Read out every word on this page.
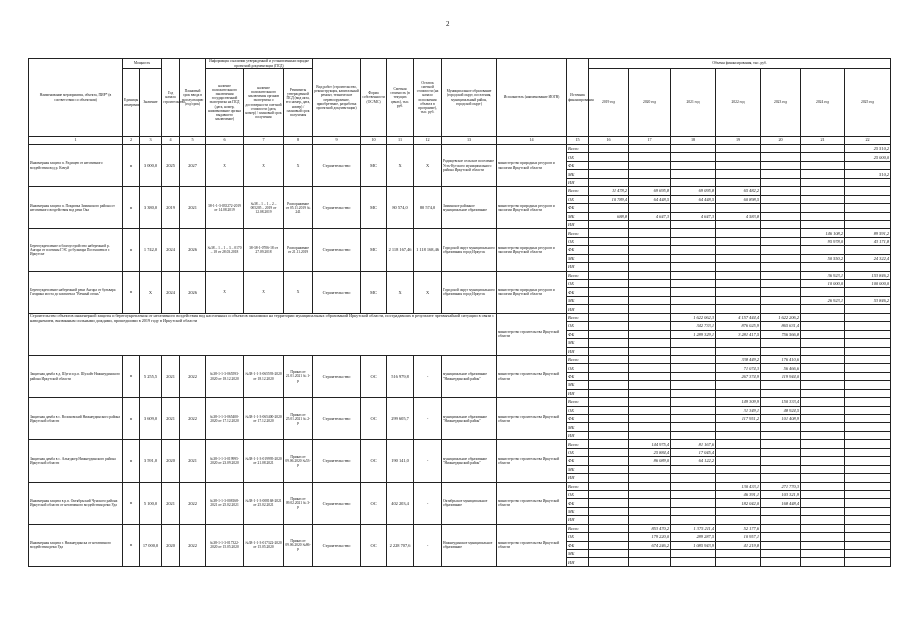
2
Наименование мероприятия, объекта, ПИР* (в соответствии со объектами)	Мощность		Год начала строительства	Плановый срок ввода в эксплуатацию (год/срок)	Информация о наличии утвержденной и установленным порядке проектной документации (ПСД)			Вид работ (строительство, реконструкция, капитальный ремонт, техническое перевооружение, приобретение, разработка проектной документации)	Форма собственности (ОС/МС)	Сметная стоимость (в текущих ценах), тыс. руб.	Остаток сметной стоимости (на начало исполнения объекта в программе), тыс. руб.	Муниципальное образование (городской округ, поселения, муниципальный район, городской округ)	Исполнитель (наименование ИОГВ)	Источник финансирования	Объемы финансирования, тыс. руб.						
	Единицы измерения	Значение			наличие положительного заключения государственной экспертизы на ПСД (дата, номер, наименование органа выдавшего заключение)	наличие положительного заключения органов экспертизы о достоверности сметной стоимости (дата, номер) / плановый срок получения	Реквизиты утвержденной ПСД (вид акта, его номер, дата, номер) / плановый срок получения								2019 год	2020 год	2021 год	2022 год	2023 год	2024 год	2025 год

1	2	3	4	5	6	7	8	9	10	11	12	13	14	15	16	17	18	19	20	21	22
Инженерная защита п. Радищев от негативного воздействия вод р. Кичуй	м	3 000,0	2025	2027	Х	Х	Х	Строительство	МС	Х	Х	Радищевское сельское поселение Усть-Кутского муниципального района Иркутской области	министерство природных ресурсов и экологии Иркутской области	Всего							25 510,2
														ОБ							25 000,0
														ФБ							
														МБ							510,2
														ИИ							
Инженерная защита п. Покровка Зиминского района от негативного воздействия вод реки Ока	м	3 380,0	2019	2021	38-1-1-3-035272-2019 от 14.08.2019	№38 – 1 – 1 – 2 – 005205 – 2019 от 12.08.2019	Распоряжение от 05.11.2019 № 241	Строительство	МС	80 574,0	80 574,0	Зиминское районное муниципальное образование	министерство природных ресурсов и экологии Иркутской области	Всего	11 478,2	69 695,8	69 095,8	65 482,2			
														ОБ	10 789,4	64 448,5	64 448,5	60 898,5			
														ФБ							
														МБ	688,8	4 647,3	4 647,3	4 583,8			
														ИИ							
Берегоукрепление и благоустройство набережной р. Ангара от плотины ГЭС до бульвара Постышева в г. Иркутске	м	1 742,0	2024	2026	№38 – 1 – 1 – 3 – 0170 – 18 от 28.03.2018	38-38-1-0706-18 от 27.09.2018	Распоряжение от 21.11.2019	Строительство	МС	2 118 167,46	1 118 168,46	Городской округ муниципального образования город Иркутск	министерство природных ресурсов и экологии Иркутской области	Всего						146 108,2	89 591,2
														ОБ						95 978,0	43 171,8
														ФБ							
														МБ						50 550,2	24 322,4
														ИИ							
Берегоукрепление набережной реки Ангара от бульвара Гагарина моста до комплекса "Вечный огонь"	м	Х	2024	2026	Х	Х	Х	Строительство	МС	Х	Х	Городской округ муниципального образования город Иркутск	министерство природных ресурсов и экологии Иркутской области	Всего						36 923,1	153 846,2
														ОБ						10 000,0	100 000,0
														ФБ							
														МБ						26 923,1	53 846,2
														ИИ							
Строительство объектов инженерной защиты и берегоукрепления от негативного воздействия вод населенных и объектов экономики на территории муниципальных образований Иркутской области, пострадавших в результате чрезвычайной ситуации в связи с наводнением, вызванным сильными дождями, прошедшими в 2019 году в Иркутской области													министерство строительства Иркутской области	Всего			1 622 062,3	4 157 444,4	1 622 206,2		
														ОБ			342 733,1	876 025,9	865 631,4		
														ФБ			1 289 329,1	3 281 417,5	756 566,8		
														МБ							
														ИИ							
Защитная дамба в д. Шуги и р.п. Шухайт Нижнеудинского района Иркутской области	м	5 255,5	2021	2022	№38-1-1-3-065593-2020 от 18.12.2020	№38-1-1-3-065593-2020 от 18.12.2020	Приказ от 21.01.2021 № 1-р	Строительство	ОС	516 979,8	-	муниципальное образование "Нижнеудинский район"	министерство строительства Иркутской области	Всего				338 449,2	176 410,6		
														ОБ				71 074,3	56 466,6		
														ФБ				267 374,9	119 944,0		
														МБ							
														ИИ							
Защитная дамба в с. Волоковский Нижнеудинского района Иркутской области	м	3 609,0	2021	2022	№38-1-1-3-065400-2020 от 17.12.2020	№38-1-1-3-065400-2020 от 17.12.2020	Приказ от 25.01.2021 № 2-р	Строительство	ОС	299 605,7	-	муниципальное образование "Нижнеудинский район"	министерство строительства Иркутской области	Всего				149 309,9	150 333,4		
														ОБ				31 349,1	48 924,5		
														ФБ				117 951,2	101 408,9		
														МБ							
														ИИ							
Защитная дамба в с. Алыгджер Нижнеудинского района Иркутской области	м	3 591,0	2020	2021	№38-1-1-3-019995-2020 от 23.09.2020	№38-1-1-3-019995-2020 от 21.08.2021	Приказ от 09.06.2020 №53-р	Строительство	ОС	190 141,0	-	муниципальное образование "Нижнеудинский район"	министерство строительства Иркутской области	Всего		144 975,4	81 167,6				
														ОБ		25 884,4	17 045,4				
														ФБ		86 089,0	64 122,2				
														МБ							
														ИИ							
Инженерная защита в р.п. Октябрьский Чунского района Иркутской области от негативного воздействия реки Уда	м	5 100,0	2021	2022	№38-1-1-3-008168-2021 от 25.02.2021	№38-1-1-3-008168-2021 от 25.02.2021	Приказ от 09.02.2021 № 3-р	Строительство	ОС	402 203,4	-	Октябрьское муниципальное образование	министерство строительства Иркутской области	Всего				130 433,1	271 770,3		
														ОБ				46 391,1	103 321,9		
														ФБ				182 042,0	168 448,4		
														МБ							
														ИИ							
Инженерная защита г. Нижнеудинска от негативного воздействия реки Уда	м	17 000,0	2020	2022	№38-1-1-3-017322-2020 от 15.05.2020	№38-1-1-3-017322-2020 от 15.05.2020	Приказ от 09.06.2020 №86-р	Строительство	ОС	2 228 707,6	-	Нижнеудинское муниципальное образование	министерство строительства Иркутской области	Всего		853 470,2	1 375 211,4	52 177,6			
														ОБ		179 220,0	289 287,5	10 957,1			
														ФБ		674 246,2	1 085 943,9	41 219,8			
														МБ							
														ИИ							
